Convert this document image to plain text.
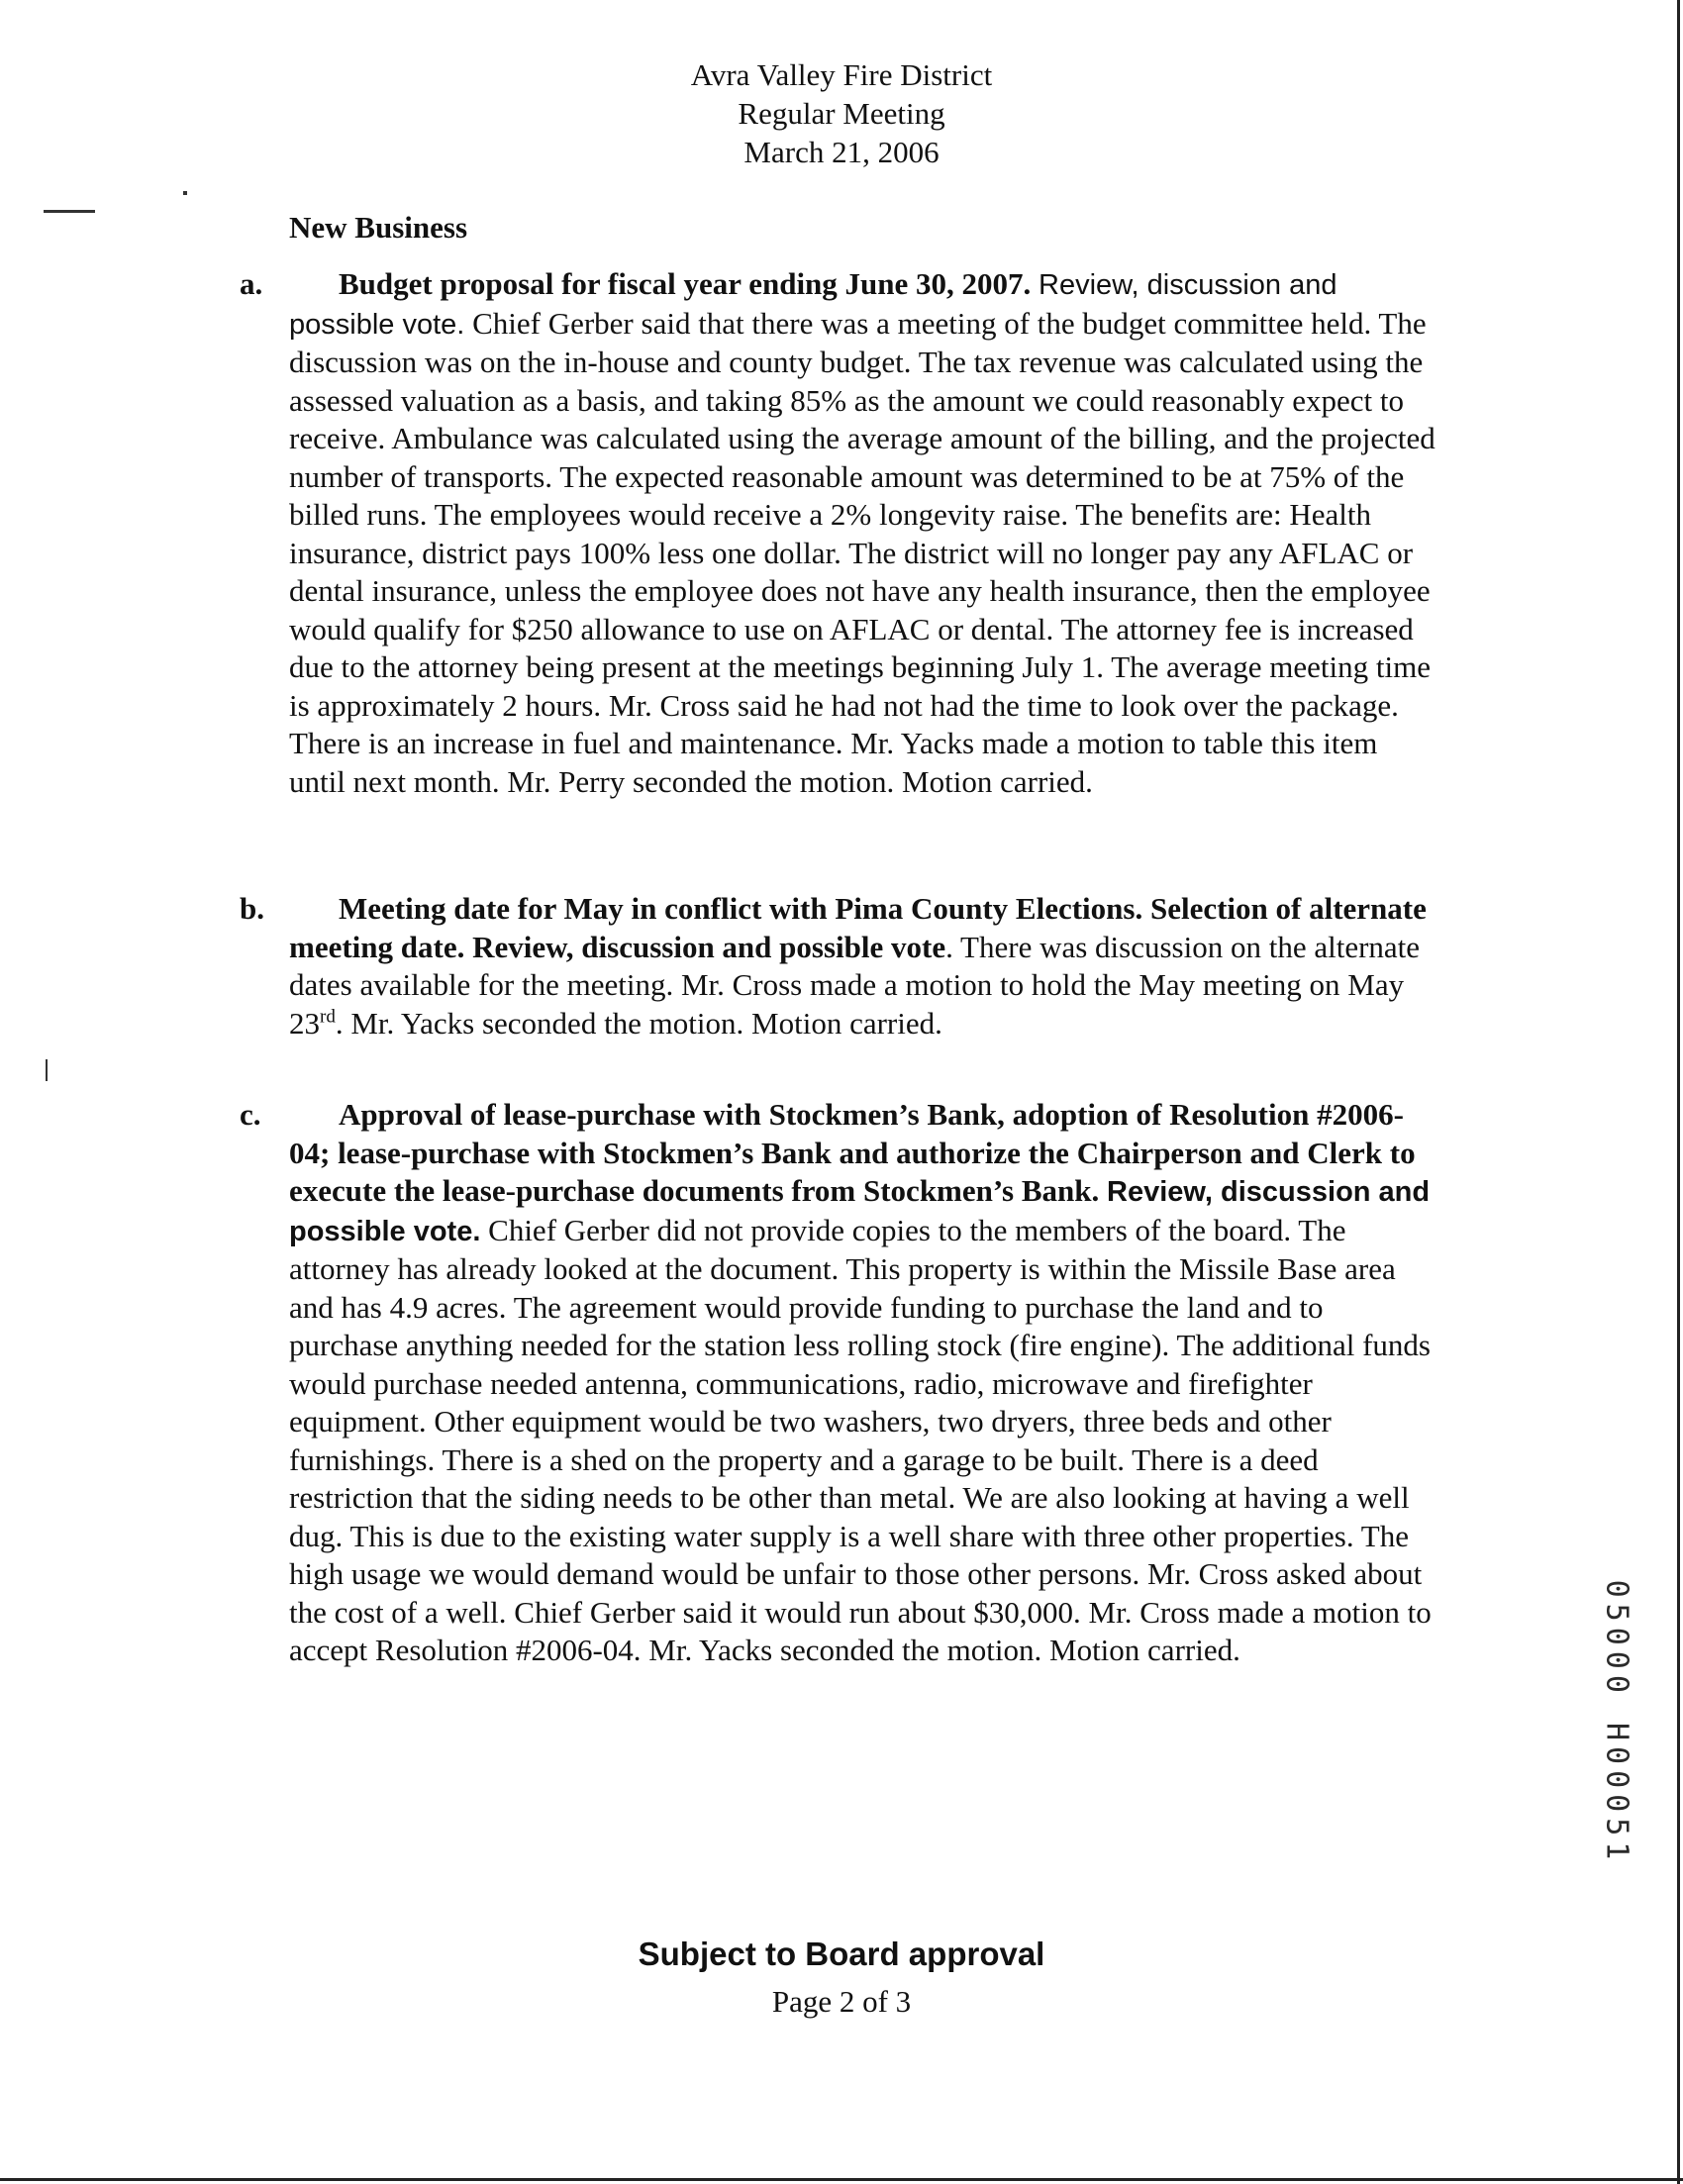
Avra Valley Fire District
Regular Meeting
March 21, 2006
New Business
a. Budget proposal for fiscal year ending June 30, 2007. Review, discussion and possible vote. Chief Gerber said that there was a meeting of the budget committee held. The discussion was on the in-house and county budget. The tax revenue was calculated using the assessed valuation as a basis, and taking 85% as the amount we could reasonably expect to receive. Ambulance was calculated using the average amount of the billing, and the projected number of transports. The expected reasonable amount was determined to be at 75% of the billed runs. The employees would receive a 2% longevity raise. The benefits are: Health insurance, district pays 100% less one dollar. The district will no longer pay any AFLAC or dental insurance, unless the employee does not have any health insurance, then the employee would qualify for $250 allowance to use on AFLAC or dental. The attorney fee is increased due to the attorney being present at the meetings beginning July 1. The average meeting time is approximately 2 hours. Mr. Cross said he had not had the time to look over the package. There is an increase in fuel and maintenance. Mr. Yacks made a motion to table this item until next month. Mr. Perry seconded the motion. Motion carried.
b. Meeting date for May in conflict with Pima County Elections. Selection of alternate meeting date. Review, discussion and possible vote. There was discussion on the alternate dates available for the meeting. Mr. Cross made a motion to hold the May meeting on May 23rd. Mr. Yacks seconded the motion. Motion carried.
c.	Approval of lease-purchase with Stockmen’s Bank, adoption of Resolution #2006-04; lease-purchase with Stockmen’s Bank and authorize the Chairperson and Clerk to execute the lease-purchase documents from Stockmen’s Bank. Review, discussion and possible vote. Chief Gerber did not provide copies to the members of the board. The attorney has already looked at the document. This property is within the Missile Base area and has 4.9 acres. The agreement would provide funding to purchase the land and to purchase anything needed for the station less rolling stock (fire engine). The additional funds would purchase needed antenna, communications, radio, microwave and firefighter equipment. Other equipment would be two washers, two dryers, three beds and other furnishings. There is a shed on the property and a garage to be built. There is a deed restriction that the siding needs to be other than metal. We are also looking at having a well dug. This is due to the existing water supply is a well share with three other properties. The high usage we would demand would be unfair to those other persons. Mr. Cross asked about the cost of a well. Chief Gerber said it would run about $30,000. Mr. Cross made a motion to accept Resolution #2006-04. Mr. Yacks seconded the motion. Motion carried.	05000 H00051
Subject to Board approval
Page 2 of 3
